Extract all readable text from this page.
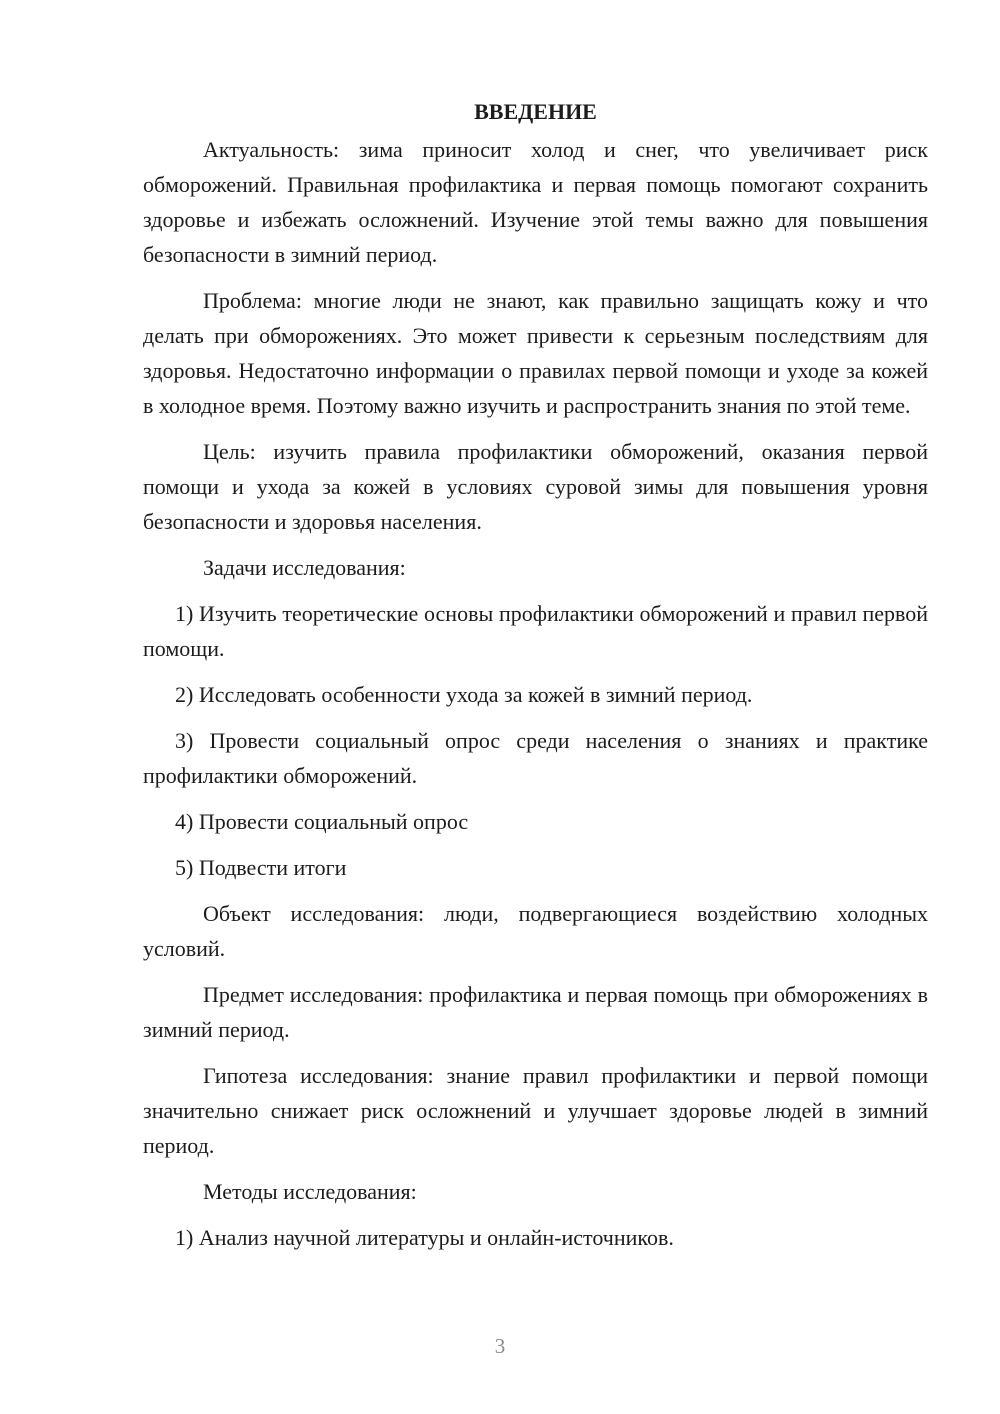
ВВЕДЕНИЕ

Актуальность: зима приносит холод и снег, что увеличивает риск обморожений. Правильная профилактика и первая помощь помогают сохранить здоровье и избежать осложнений. Изучение этой темы важно для повышения безопасности в зимний период.

Проблема: многие люди не знают, как правильно защищать кожу и что делать при обморожениях. Это может привести к серьезным последствиям для здоровья. Недостаточно информации о правилах первой помощи и уходе за кожей в холодное время. Поэтому важно изучить и распространить знания по этой теме.

Цель: изучить правила профилактики обморожений, оказания первой помощи и ухода за кожей в условиях суровой зимы для повышения уровня безопасности и здоровья населения.

Задачи исследования:

1) Изучить теоретические основы профилактики обморожений и правил первой помощи.

2) Исследовать особенности ухода за кожей в зимний период.

3) Провести социальный опрос среди населения о знаниях и практике профилактики обморожений.

4) Провести социальный опрос

5) Подвести итоги

Объект исследования: люди, подвергающиеся воздействию холодных условий.

Предмет исследования: профилактика и первая помощь при обморожениях в зимний период.

Гипотеза исследования: знание правил профилактики и первой помощи значительно снижает риск осложнений и улучшает здоровье людей в зимний период.

Методы исследования:

1) Анализ научной литературы и онлайн-источников.

3
